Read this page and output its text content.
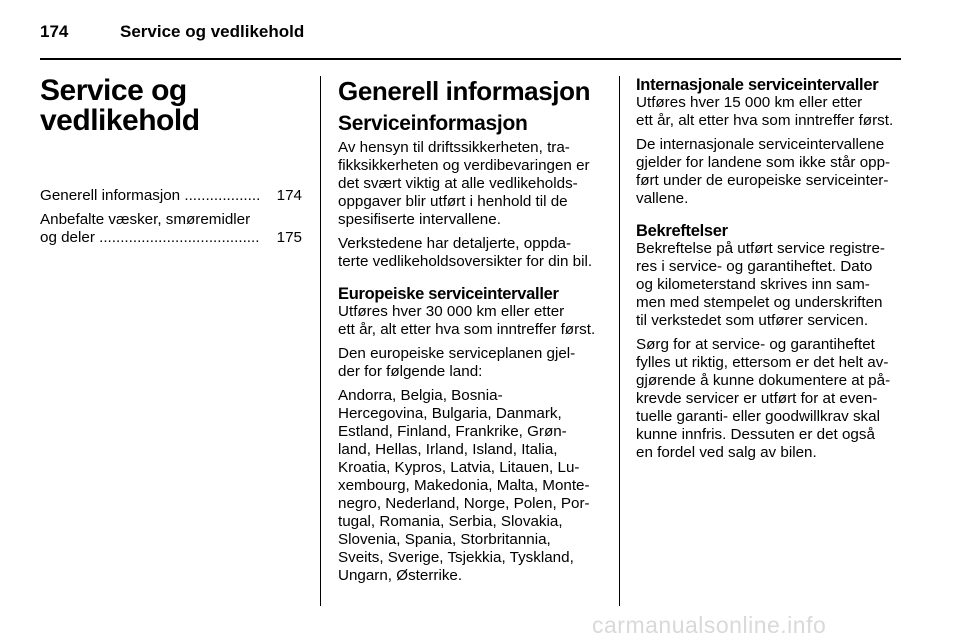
174	Service og vedlikehold
Service og
vedlikehold
Generell informasjon ..................	174
Anbefalte væsker, smøremidler
og deler ......................................	175
Generell informasjon
Serviceinformasjon

Av hensyn til driftssikkerheten, tra-
fikksikkerheten og verdibevaringen er
det svært viktig at alle vedlikeholds-
oppgaver blir utført i henhold til de
spesifiserte intervallene.

Verkstedene har detaljerte, oppda-
terte vedlikeholdsoversikter for din bil.

Europeiske serviceintervaller

Utføres hver 30 000 km eller etter
ett år, alt etter hva som inntreffer først.

Den europeiske serviceplanen gjel-
der for følgende land:

Andorra, Belgia, Bosnia-
Hercegovina, Bulgaria, Danmark,
Estland, Finland, Frankrike, Grøn-
land, Hellas, Irland, Island, Italia,
Kroatia, Kypros, Latvia, Litauen, Lu-
xembourg, Makedonia, Malta, Monte-
negro, Nederland, Norge, Polen, Por-
tugal, Romania, Serbia, Slovakia,
Slovenia, Spania, Storbritannia,
Sveits, Sverige, Tsjekkia, Tyskland,
Ungarn, Østerrike.

Internasjonale serviceintervaller

Utføres hver 15 000 km eller etter
ett år, alt etter hva som inntreffer først.

De internasjonale serviceintervallene
gjelder for landene som ikke står opp-
ført under de europeiske serviceinter-
vallene.

Bekreftelser

Bekreftelse på utført service registre-
res i service- og garantiheftet. Dato
og kilometerstand skrives inn sam-
men med stempelet og underskriften
til verkstedet som utfører servicen.

Sørg for at service- og garantiheftet
fylles ut riktig, ettersom er det helt av-
gjørende å kunne dokumentere at på-
krevde servicer er utført for at even-
tuelle garanti- eller goodwillkrav skal
kunne innfris. Dessuten er det også
en fordel ved salg av bilen.

carmanualsonline.info
